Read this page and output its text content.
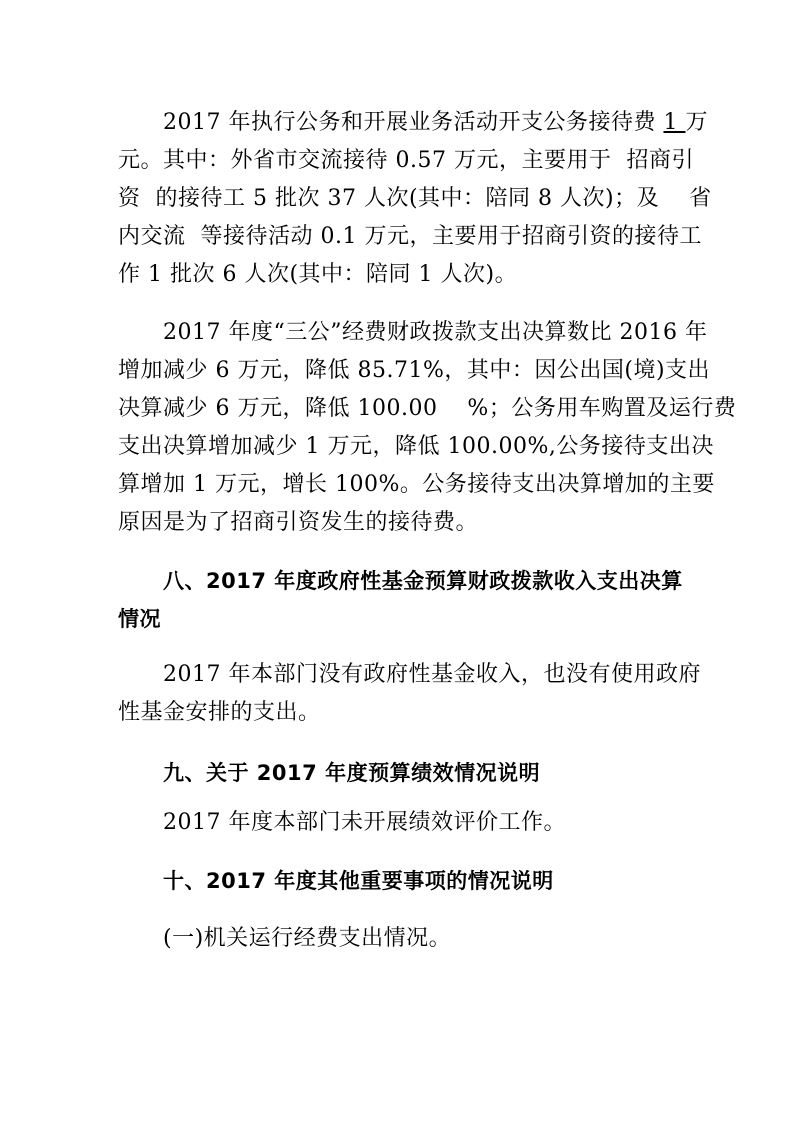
2017 年执行公务和开展业务活动开支公务接待费 1 万
元。其中：外省市交流接待 0.57 万元，主要用于  招商引
资  的接待工 5 批次 37 人次(其中：陪同 8 人次)；及    省
内交流  等接待活动 0.1 万元，主要用于招商引资的接待工
作 1 批次 6 人次(其中：陪同 1 人次)。
2017 年度“三公”经费财政拨款支出决算数比 2016 年
增加减少 6 万元，降低 85.71%，其中：因公出国(境)支出
决算减少 6 万元，降低 100.00    %；公务用车购置及运行费
支出决算增加减少 1 万元，降低 100.00%,公务接待支出决
算增加 1 万元，增长 100%。公务接待支出决算增加的主要
原因是为了招商引资发生的接待费。
八、2017 年度政府性基金预算财政拨款收入支出决算
情况
2017 年本部门没有政府性基金收入，也没有使用政府
性基金安排的支出。
九、关于 2017 年度预算绩效情况说明
2017 年度本部门未开展绩效评价工作。
十、2017 年度其他重要事项的情况说明
(一)机关运行经费支出情况。
